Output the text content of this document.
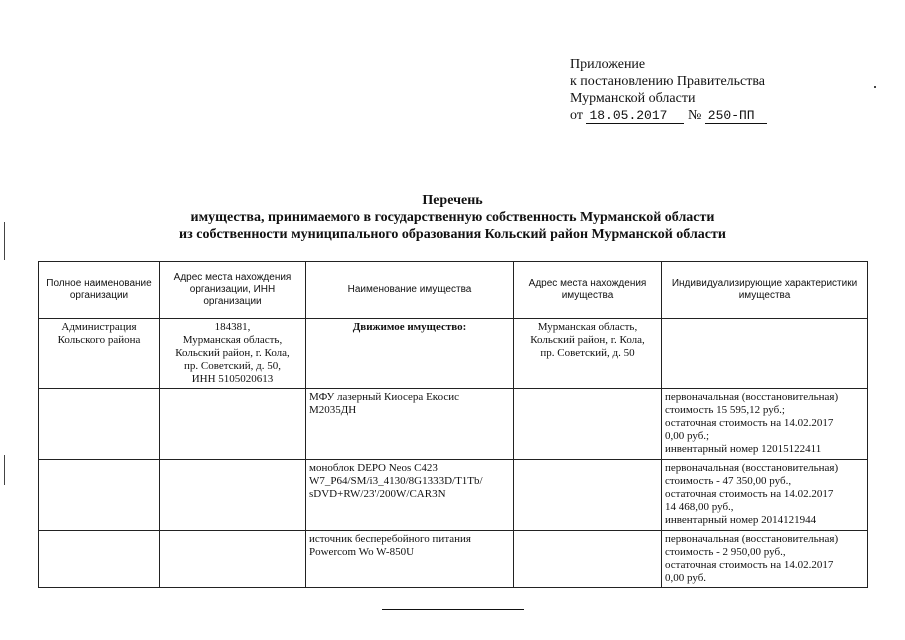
Приложение
к постановлению Правительства
Мурманской области
от 18.05.2017 № 250-ПП
Перечень
имущества, принимаемого в государственную собственность Мурманской области
из собственности муниципального образования Кольский район Мурманской области
Полное наименование организации	Адрес места нахождения организации, ИНН организации	Наименование имущества	Адрес места нахождения имущества	Индивидуализирующие характеристики имущества
Администрация Кольского района	184381,
Мурманская область,
Кольский район, г. Кола,
пр. Советский, д. 50,
ИНН 5105020613	Движимое имущество:	Мурманская область,
Кольский район, г. Кола,
пр. Советский, д. 50	

		МФУ лазерный Киосера Екосис
М2035ДН		первоначальная (восстановительная)
стоимость 15 595,12 руб.;
остаточная стоимость на 14.02.2017
0,00 руб.;
инвентарный номер 12015122411

		моноблок DEPO Neos C423
W7_P64/SM/i3_4130/8G1333D/T1Tb/
sDVD+RW/23'/200W/CAR3N		первоначальная (восстановительная)
стоимость - 47 350,00 руб.,
остаточная стоимость на 14.02.2017
14 468,00 руб.,
инвентарный номер 2014121944

		источник бесперебойного питания
Powercom Wo W-850U		первоначальная (восстановительная)
стоимость - 2 950,00 руб.,
остаточная стоимость на 14.02.2017
0,00 руб.
